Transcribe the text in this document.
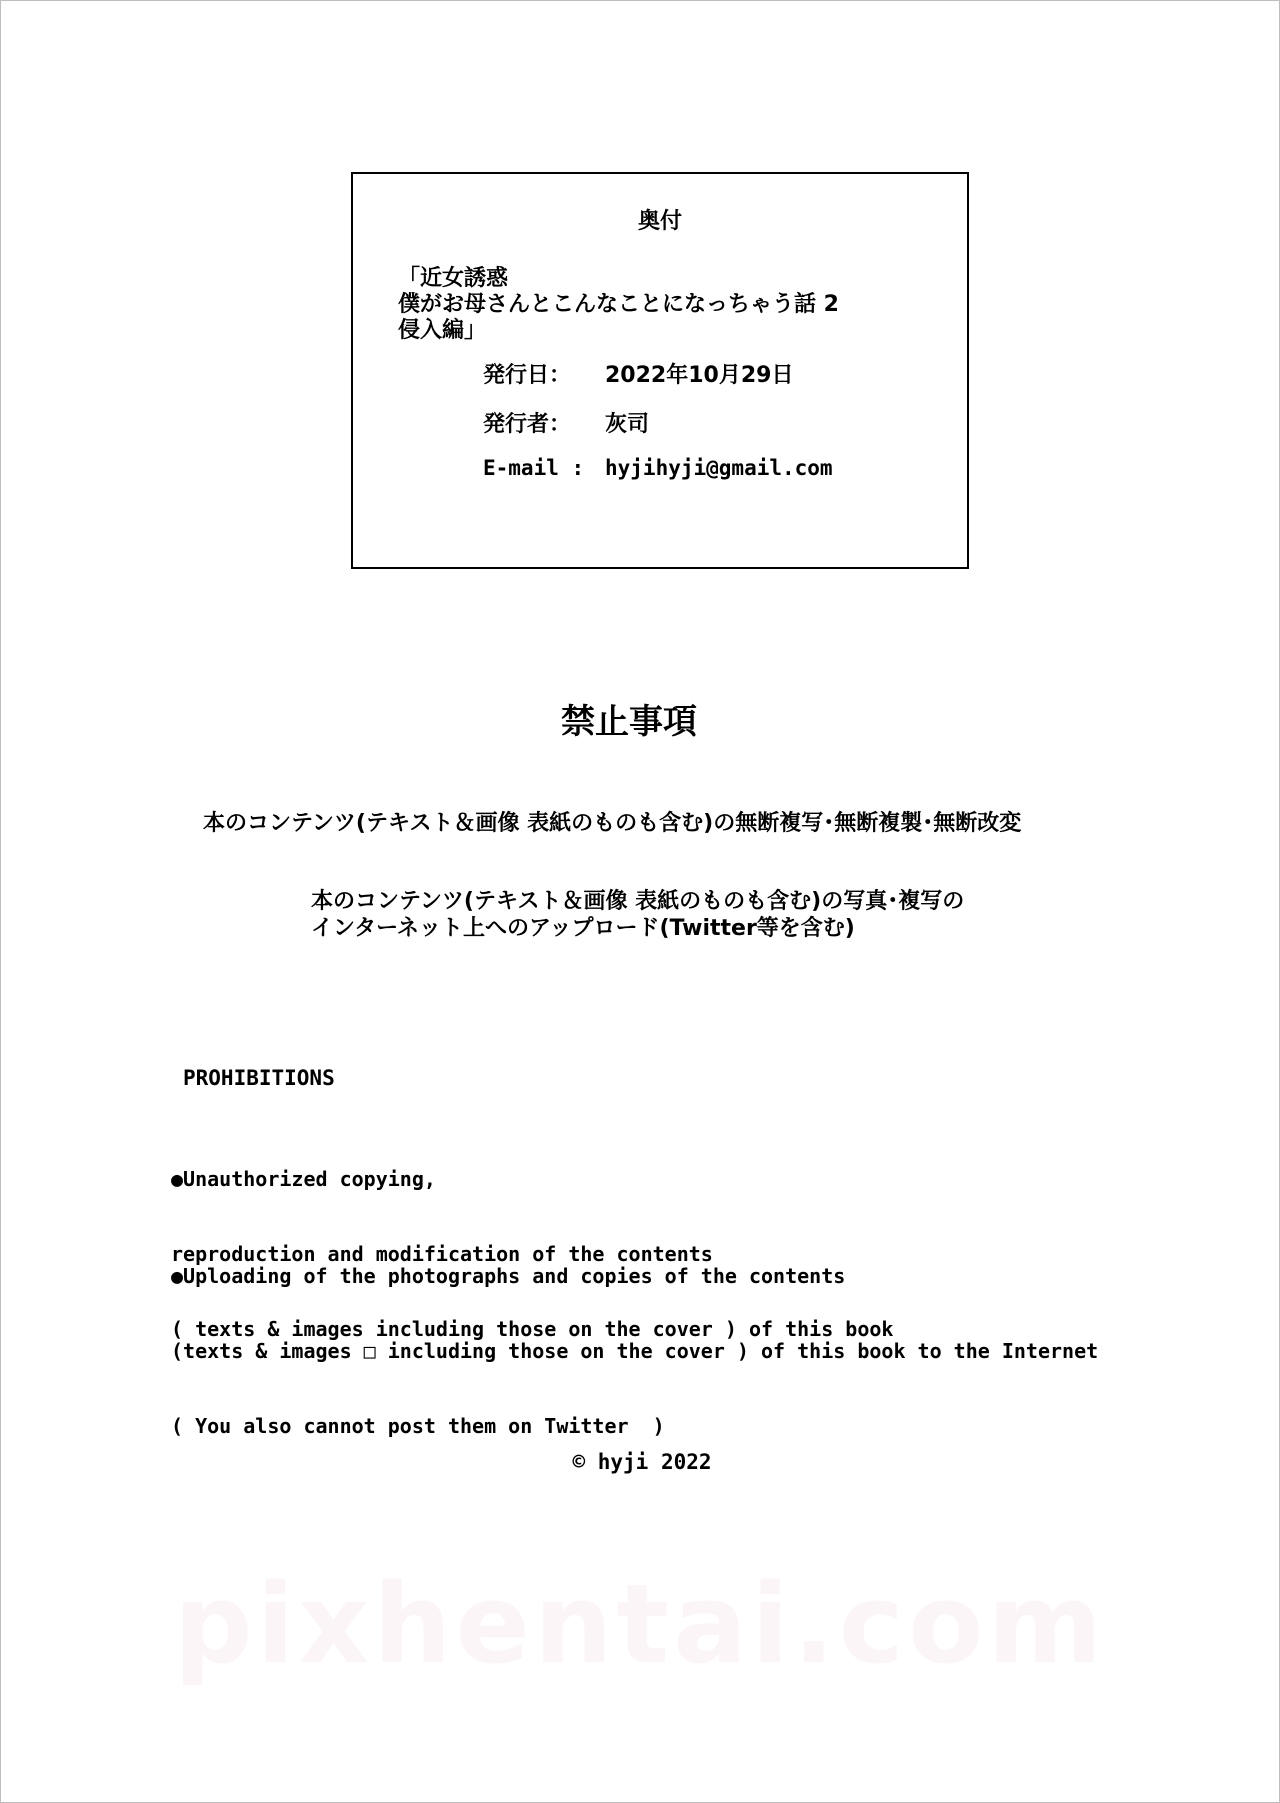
奥付
「近女誘惑
僕がお母さんとこんなことになっちゃう話 2
侵入編」
発行日： 2022年10月29日
発行者： 灰司
E-mail : hyjihyji@gmail.com
禁止事項
本のコンテンツ(テキスト＆画像 表紙のものも含む)の無断複写･無断複製･無断改変
本のコンテンツ(テキスト＆画像 表紙のものも含む)の写真･複写の
インターネット上へのアップロード(Twitter等を含む)
PROHIBITIONS

●Unauthorized copying,

reproduction and modification of the contents

( texts & images including those on the cover ) of this book

●Uploading of the photographs and copies of the contents

(texts & images □ including those on the cover ) of this book to the Internet

( You also cannot post them on Twitter  )

© hyji 2022
pixhentai.com
